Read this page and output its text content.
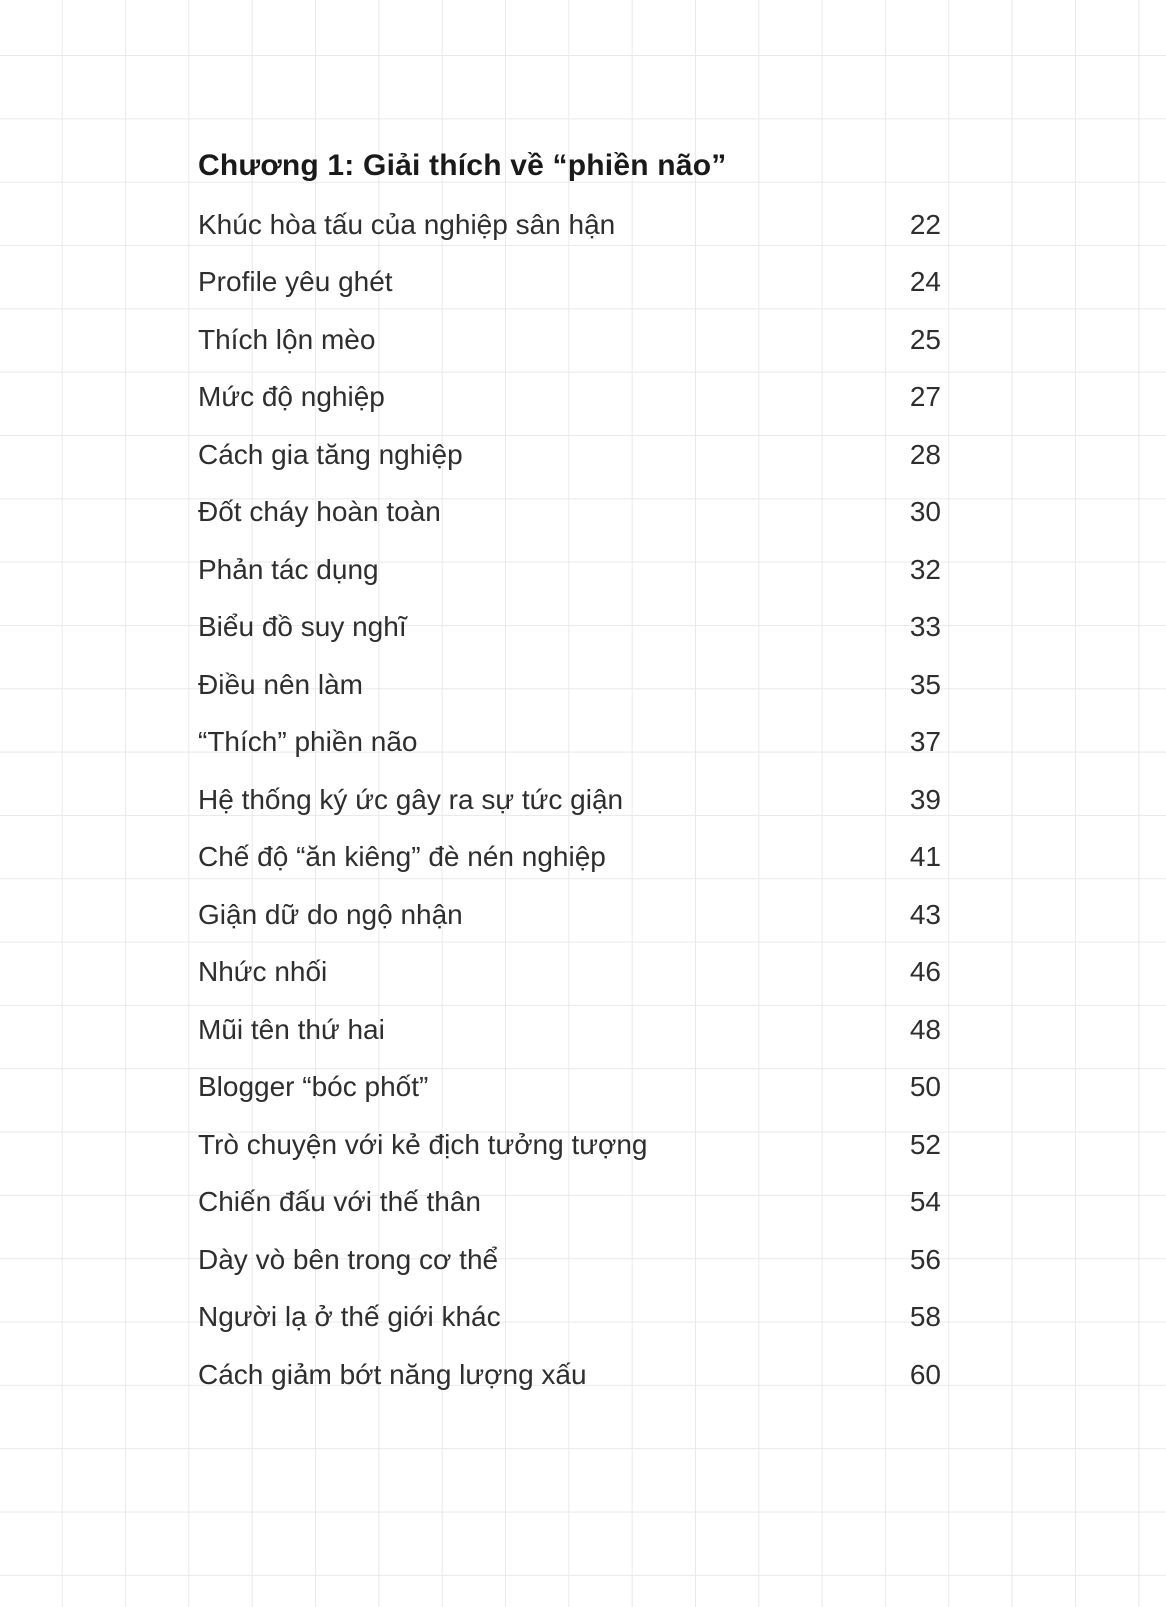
Chương 1: Giải thích về “phiền não”
Khúc hòa tấu của nghiệp sân hận	22
Profile yêu ghét	24
Thích lộn mèo	25
Mức độ nghiệp	27
Cách gia tăng nghiệp	28
Đốt cháy hoàn toàn	30
Phản tác dụng	32
Biểu đồ suy nghĩ	33
Điều nên làm	35
“Thích” phiền não	37
Hệ thống ký ức gây ra sự tức giận	39
Chế độ “ăn kiêng” đè nén nghiệp	41
Giận dữ do ngộ nhận	43
Nhức nhối	46
Mũi tên thứ hai	48
Blogger “bóc phốt”	50
Trò chuyện với kẻ địch tưởng tượng	52
Chiến đấu với thế thân	54
Dày vò bên trong cơ thể	56
Người lạ ở thế giới khác	58
Cách giảm bớt năng lượng xấu	60
